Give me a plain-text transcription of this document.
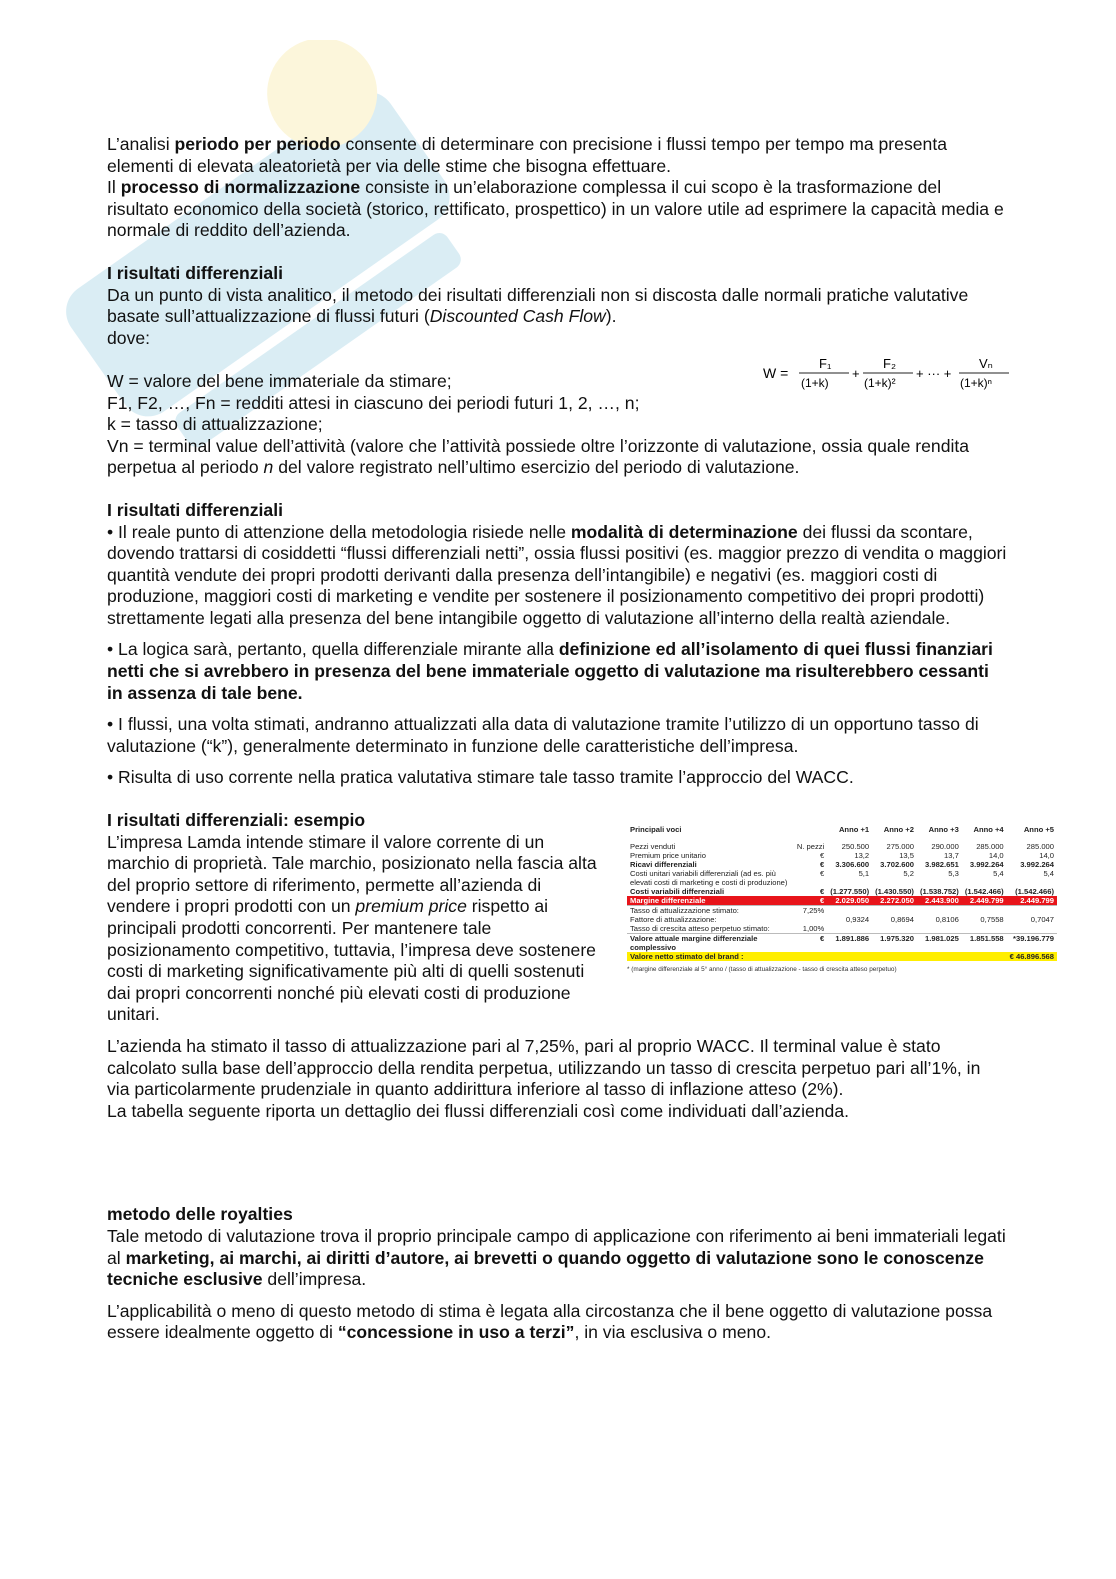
L’analisi periodo per periodo consente di determinare con precisione i flussi tempo per tempo ma presenta elementi di elevata aleatorietà per via delle stime che bisogna effettuare.

Il processo di normalizzazione consiste in un’elaborazione complessa il cui scopo è la trasformazione del risultato economico della società (storico, rettificato, prospettico) in un valore utile ad esprimere la capacità media e normale di reddito dell’azienda.

I risultati differenziali

Da un punto di vista analitico, il metodo dei risultati differenziali non si discosta dalle normali pratiche valutative basate sull’attualizzazione di flussi futuri (Discounted Cash Flow).

dove:

W = valore del bene immateriale da stimare;

F1, F2, …, Fn = redditi attesi in ciascuno dei periodi futuri 1, 2, …, n;

k = tasso di attualizzazione;

Vn = terminal value dell’attività (valore che l’attività possiede oltre l’orizzonte di valutazione, ossia quale rendita perpetua al periodo n del valore registrato nell’ultimo esercizio del periodo di valutazione.

W =
F₁
(1+k)
+
F₂
(1+k)²
+ ··· +
Vₙ
(1+k)ⁿ
I risultati differenziali

• Il reale punto di attenzione della metodologia risiede nelle modalità di determinazione dei flussi da scontare, dovendo trattarsi di cosiddetti “flussi differenziali netti”, ossia flussi positivi (es. maggior prezzo di vendita o maggiori quantità vendute dei propri prodotti derivanti dalla presenza dell’intangibile) e negativi (es. maggiori costi di produzione, maggiori costi di marketing e vendite per sostenere il posizionamento competitivo dei propri prodotti) strettamente legati alla presenza del bene intangibile oggetto di valutazione all’interno della realtà aziendale.

• La logica sarà, pertanto, quella differenziale mirante alla definizione ed all’isolamento di quei flussi finanziari netti che si avrebbero in presenza del bene immateriale oggetto di valutazione ma risulterebbero cessanti in assenza di tale bene.

• I flussi, una volta stimati, andranno attualizzati alla data di valutazione tramite l’utilizzo di un opportuno tasso di valutazione (“k”), generalmente determinato in funzione delle caratteristiche dell’impresa.

• Risulta di uso corrente nella pratica valutativa stimare tale tasso tramite l’approccio del WACC.

I risultati differenziali: esempio

L’impresa Lamda intende stimare il valore corrente di un marchio di proprietà. Tale marchio, posizionato nella fascia alta del proprio settore di riferimento, permette all’azienda di vendere i propri prodotti con un premium price rispetto ai principali prodotti concorrenti. Per mantenere tale posizionamento competitivo, tuttavia, l’impresa deve sostenere costi di marketing significativamente più alti di quelli sostenuti dai propri concorrenti nonché più elevati costi di produzione unitari.

L’azienda ha stimato il tasso di attualizzazione pari al 7,25%, pari al proprio WACC. Il terminal value è stato calcolato sulla base dell’approccio della rendita perpetua, utilizzando un tasso di crescita perpetuo pari all’1%, in via particolarmente prudenziale in quanto addirittura inferiore al tasso di inflazione atteso (2%).

La tabella seguente riporta un dettaglio dei flussi differenziali così come individuati dall’azienda.

Principali voci		Anno +1	Anno +2	Anno +3	Anno +4	Anno +5
Pezzi venduti	N. pezzi	250.500	275.000	290.000	285.000	285.000
Premium price unitario	€	13,2	13,5	13,7	14,0	14,0
Ricavi differenziali	€	3.306.600	3.702.600	3.982.651	3.992.264	3.992.264
Costi unitari variabili differenziali (ad es. più elevati costi di marketing e costi di produzione)	€	5,1	5,2	5,3	5,4	5,4
Costi variabili differenziali	€	(1.277.550)	(1.430.550)	(1.538.752)	(1.542.466)	(1.542.466)
Margine differenziale	€	2.029.050	2.272.050	2.443.900	2.449.799	2.449.799
Tasso di attualizzazione stimato:	7,25%					
Fattore di attualizzazione:		0,9324	0,8694	0,8106	0,7558	0,7047
Tasso di crescita atteso perpetuo stimato:	1,00%					
Valore attuale margine differenziale complessivo	€	1.891.886	1.975.320	1.981.025	1.851.558	*39.196.779
Valore netto stimato del brand :						€ 46.896.568
* (margine differenziale al 5° anno / (tasso di attualizzazione - tasso di crescita atteso perpetuo)
metodo delle royalties

Tale metodo di valutazione trova il proprio principale campo di applicazione con riferimento ai beni immateriali legati al marketing, ai marchi, ai diritti d’autore, ai brevetti o quando oggetto di valutazione sono le conoscenze tecniche esclusive dell’impresa.

L’applicabilità o meno di questo metodo di stima è legata alla circostanza che il bene oggetto di valutazione possa essere idealmente oggetto di “concessione in uso a terzi”, in via esclusiva o meno.
